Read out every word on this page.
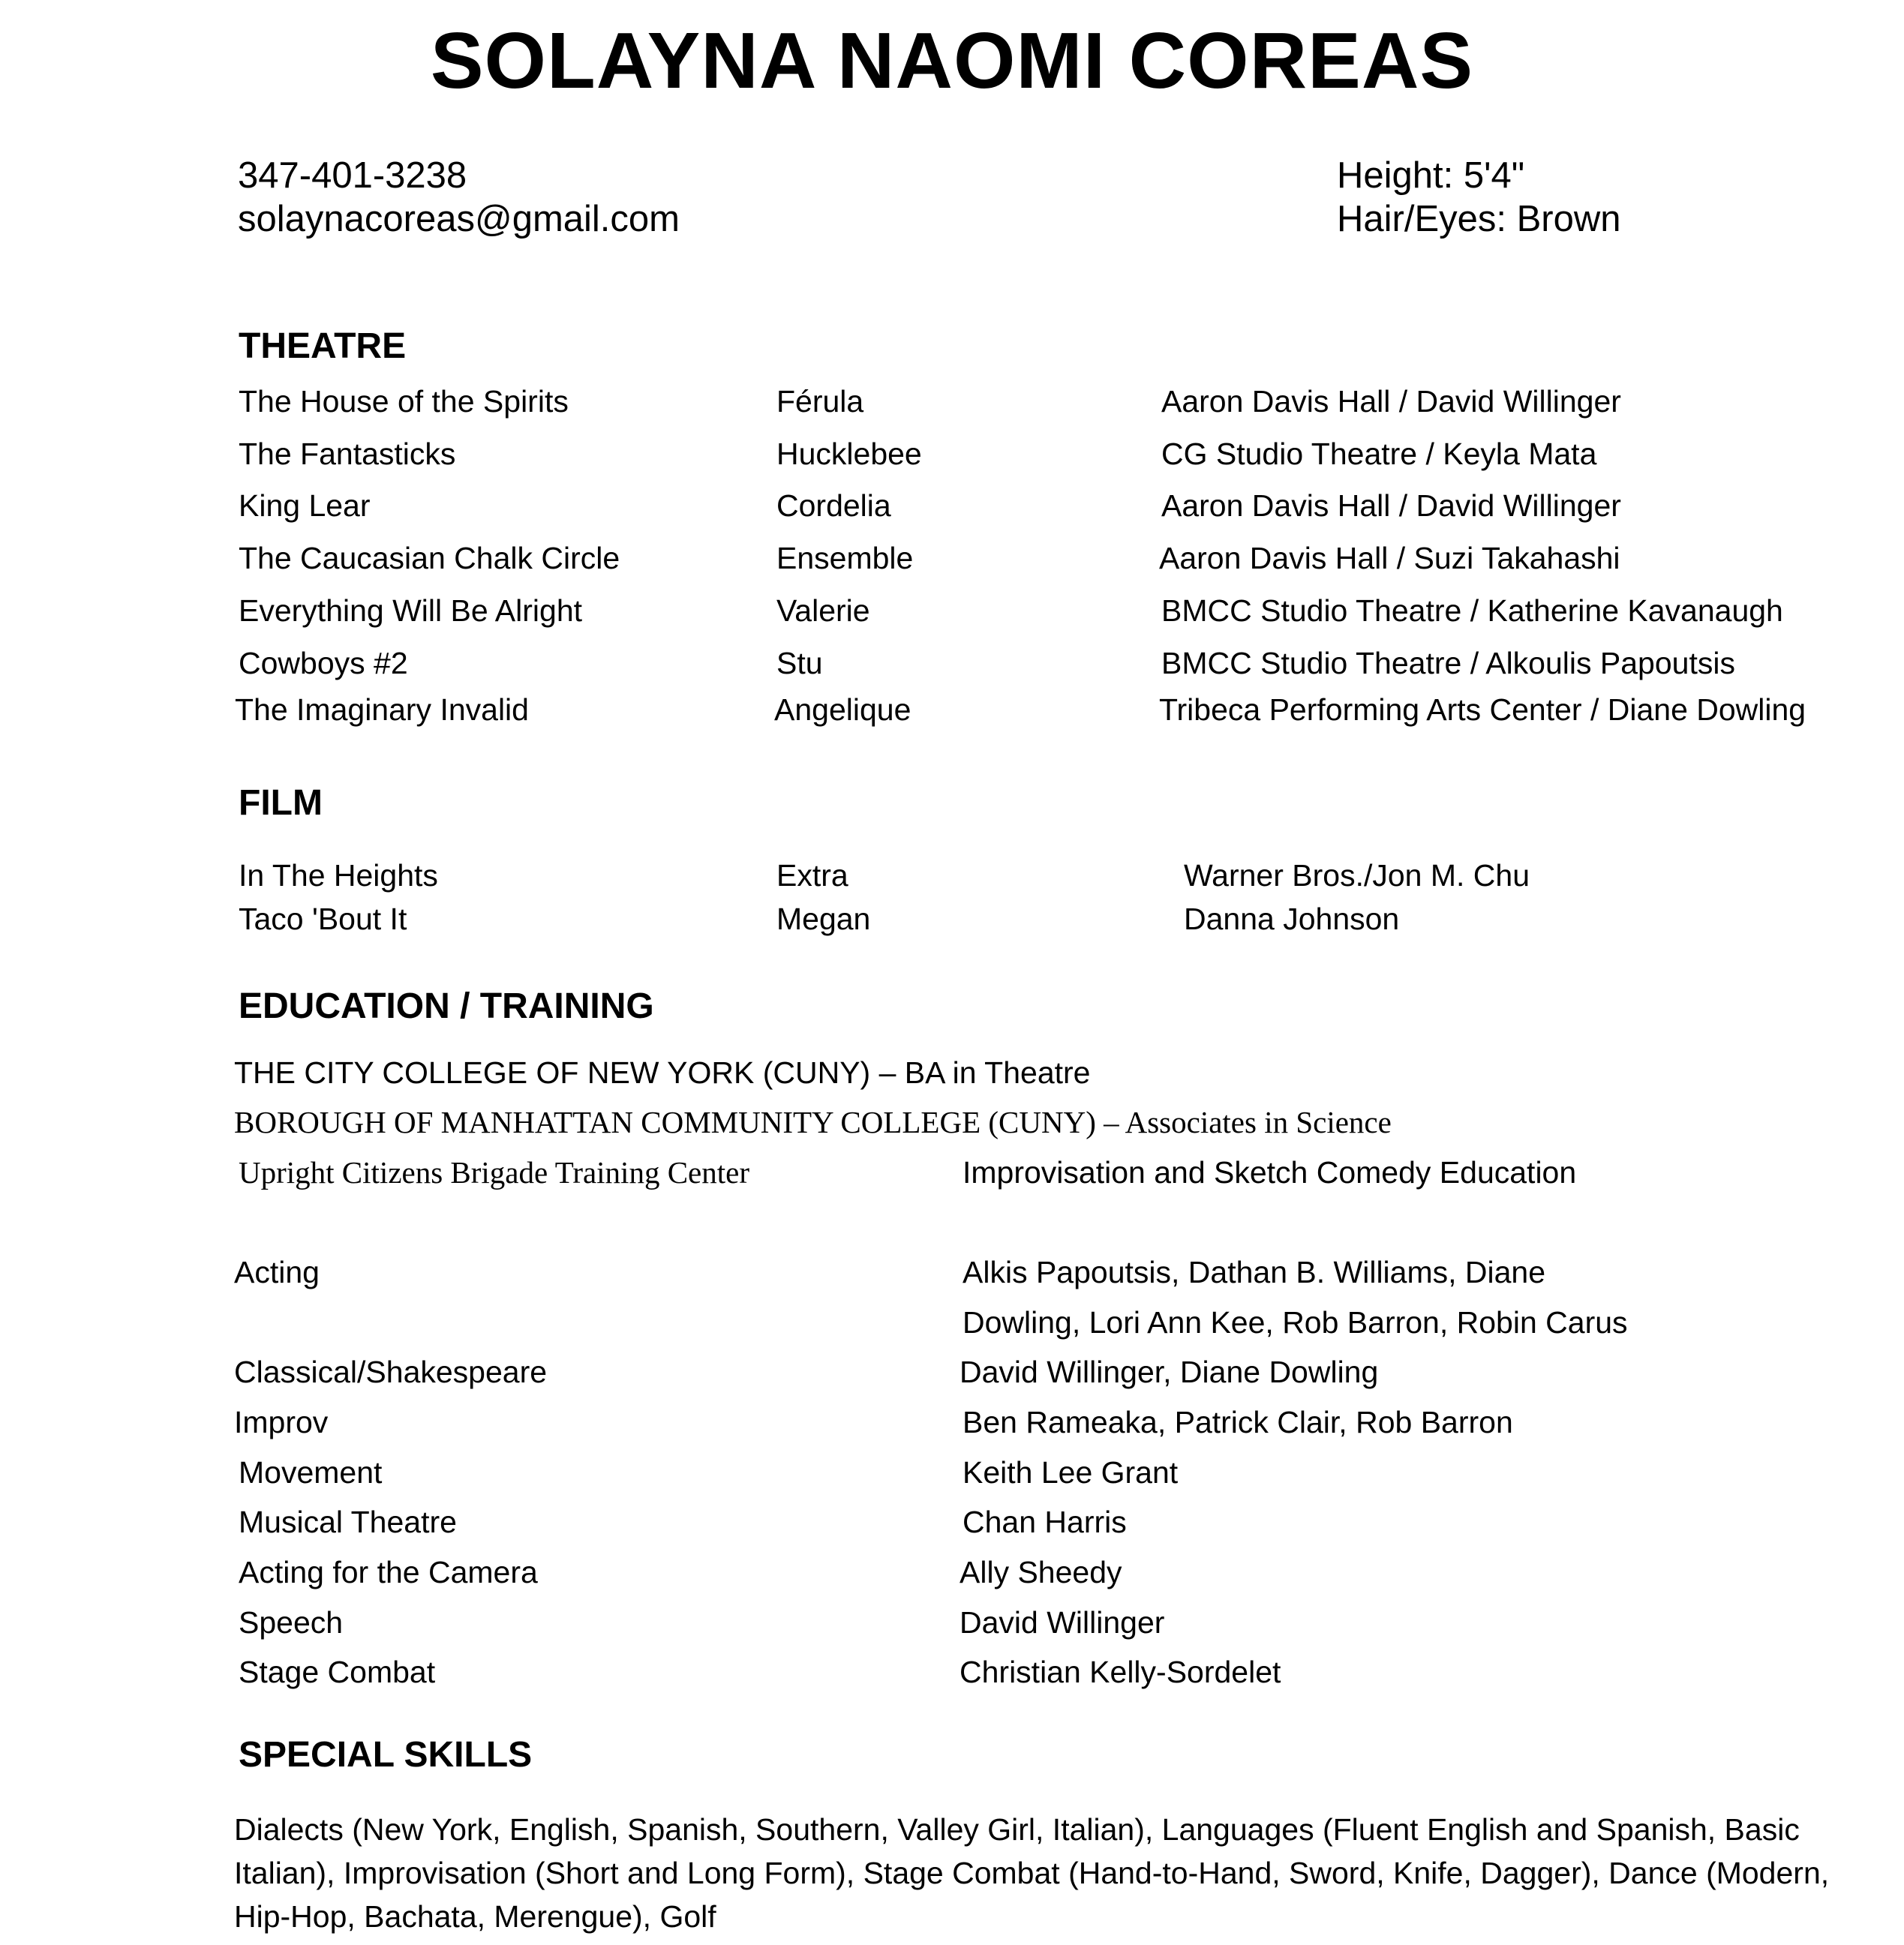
SOLAYNA NAOMI COREAS
347-401-3238
solaynacoreas@gmail.com
Height: 5'4"
Hair/Eyes: Brown
THEATRE
The House of the Spirits	Férula	Aaron Davis Hall / David Willinger
The Fantasticks	Hucklebee	CG Studio Theatre / Keyla Mata
King Lear	Cordelia	Aaron Davis Hall / David Willinger
The Caucasian Chalk Circle	Ensemble	Aaron Davis Hall / Suzi Takahashi
Everything Will Be Alright	Valerie	BMCC Studio Theatre / Katherine Kavanaugh
Cowboys #2	Stu	BMCC Studio Theatre / Alkoulis Papoutsis
The Imaginary Invalid	Angelique	Tribeca Performing Arts Center / Diane Dowling
FILM
In The Heights	Extra	Warner Bros./Jon M. Chu
Taco 'Bout It	Megan	Danna Johnson
EDUCATION / TRAINING
THE CITY COLLEGE OF NEW YORK (CUNY) – BA in Theatre
BOROUGH OF MANHATTAN COMMUNITY COLLEGE (CUNY) – Associates in Science
Upright Citizens Brigade Training Center	Improvisation and Sketch Comedy Education
Acting	Alkis Papoutsis, Dathan B. Williams, Diane
Dowling, Lori Ann Kee, Rob Barron, Robin Carus
Classical/Shakespeare	David Willinger, Diane Dowling
Improv	Ben Rameaka, Patrick Clair, Rob Barron
Movement	Keith Lee Grant
Musical Theatre	Chan Harris
Acting for the Camera	Ally Sheedy
Speech	David Willinger
Stage Combat	Christian Kelly-Sordelet
SPECIAL SKILLS
Dialects (New York, English, Spanish, Southern, Valley Girl, Italian), Languages (Fluent English and Spanish, Basic Italian), Improvisation (Short and Long Form), Stage Combat (Hand-to-Hand, Sword, Knife, Dagger), Dance (Modern, Hip-Hop, Bachata, Merengue), Golf
